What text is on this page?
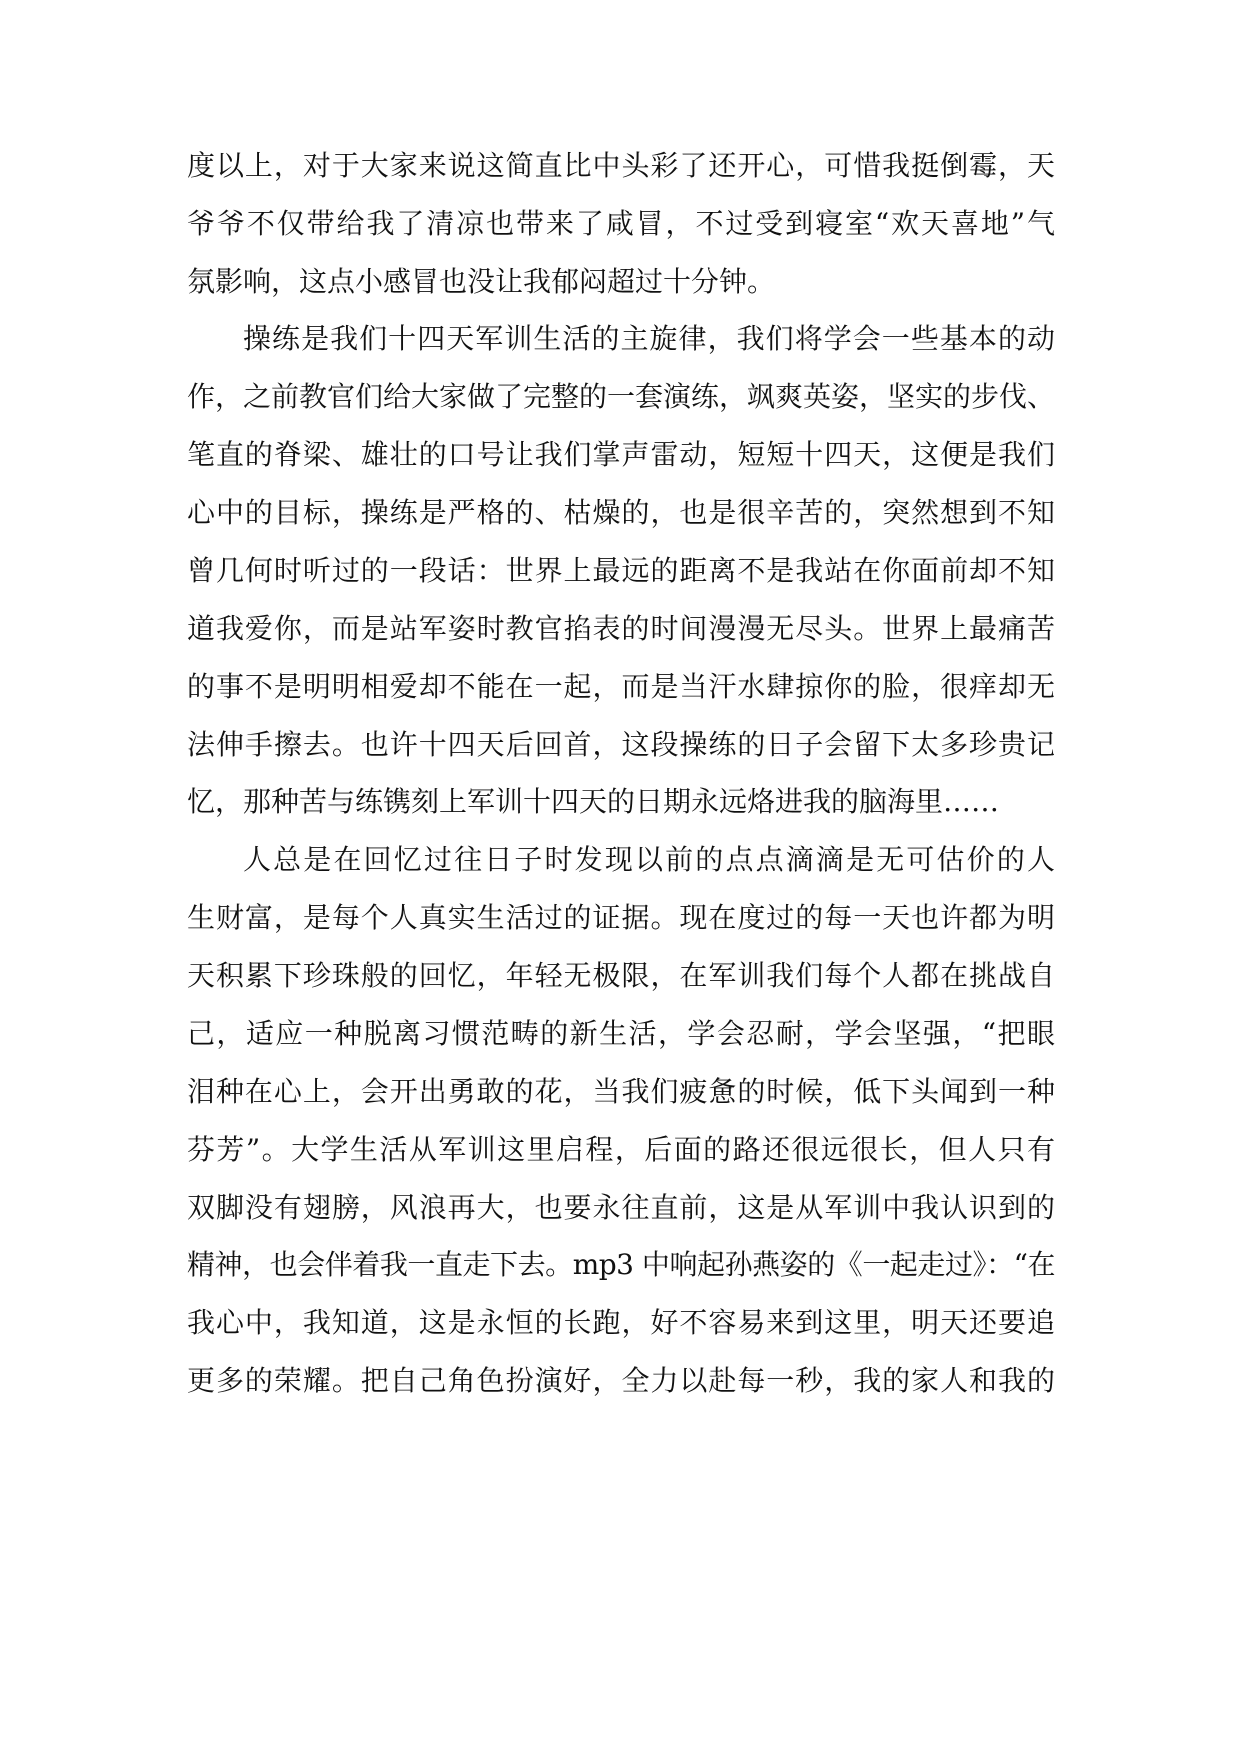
度以上，对于大家来说这简直比中头彩了还开心，可惜我挺倒霉，天
爷爷不仅带给我了清凉也带来了咸冒，不过受到寝室“欢天喜地”气
氛影响，这点小感冒也没让我郁闷超过十分钟。
操练是我们十四天军训生活的主旋律，我们将学会一些基本的动
作，之前教官们给大家做了完整的一套演练，飒爽英姿，坚实的步伐、
笔直的脊梁、雄壮的口号让我们掌声雷动，短短十四天，这便是我们
心中的目标，操练是严格的、枯燥的，也是很辛苦的，突然想到不知
曾几何时听过的一段话：世界上最远的距离不是我站在你面前却不知
道我爱你，而是站军姿时教官掐表的时间漫漫无尽头。世界上最痛苦
的事不是明明相爱却不能在一起，而是当汗水肆掠你的脸，很痒却无
法伸手擦去。也许十四天后回首，这段操练的日子会留下太多珍贵记
忆，那种苦与练镌刻上军训十四天的日期永远烙进我的脑海里……
人总是在回忆过往日子时发现以前的点点滴滴是无可估价的人
生财富，是每个人真实生活过的证据。现在度过的每一天也许都为明
天积累下珍珠般的回忆，年轻无极限，在军训我们每个人都在挑战自
己，适应一种脱离习惯范畴的新生活，学会忍耐，学会坚强，“把眼
泪种在心上，会开出勇敢的花，当我们疲惫的时候，低下头闻到一种
芬芳”。大学生活从军训这里启程，后面的路还很远很长，但人只有
双脚没有翅膀，风浪再大，也要永往直前，这是从军训中我认识到的
精神，也会伴着我一直走下去。mp3 中响起孙燕姿的《一起走过》：“在
我心中，我知道，这是永恒的长跑，好不容易来到这里，明天还要追
更多的荣耀。把自己角色扮演好，全力以赴每一秒，我的家人和我的
